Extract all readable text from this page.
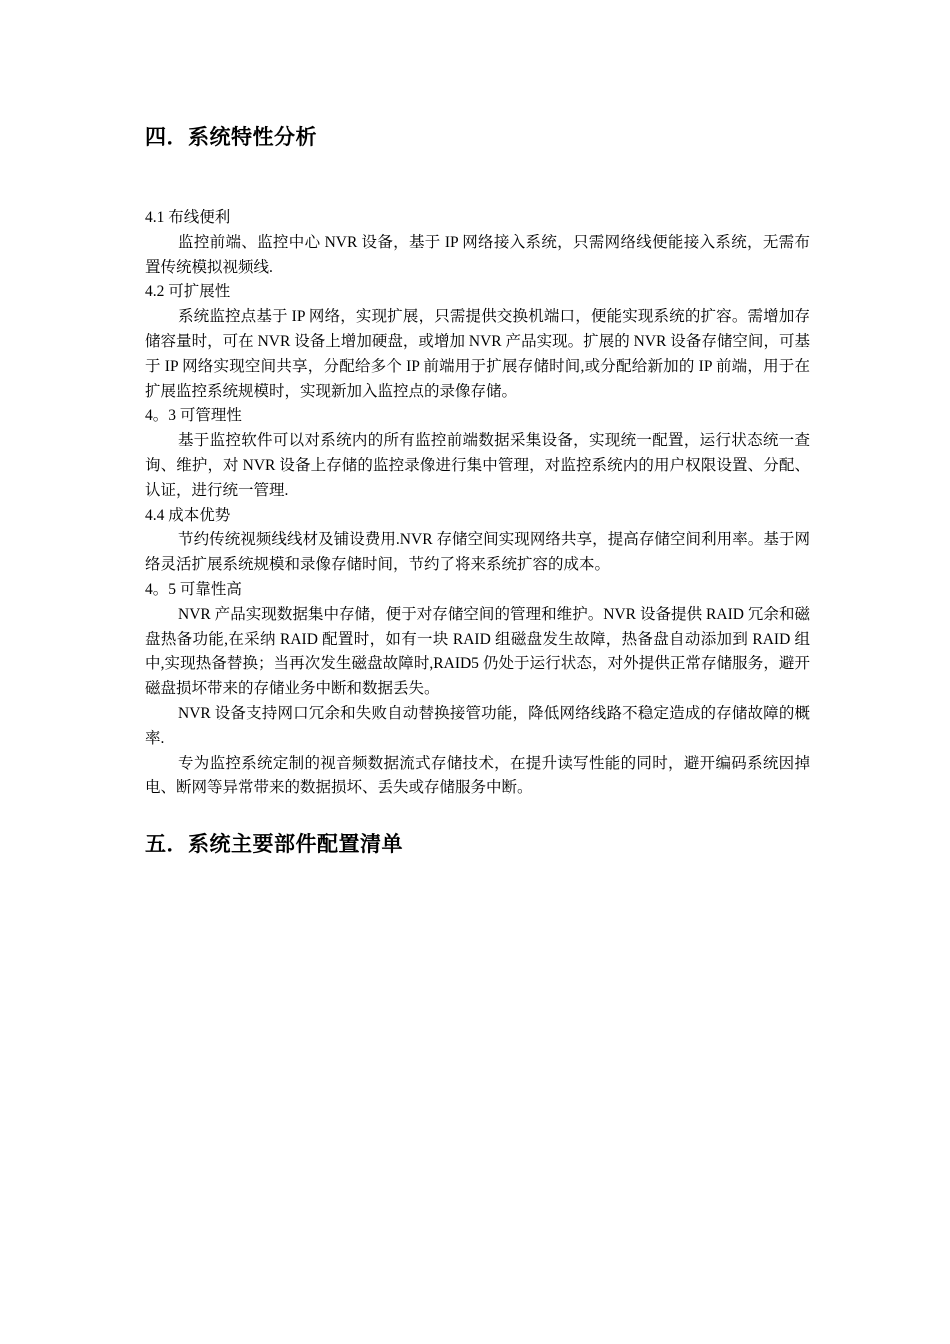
四．系统特性分析

4.1 布线便利

监控前端、监控中心 NVR 设备，基于 IP 网络接入系统，只需网络线便能接入系统，无需布置传统模拟视频线.

4.2 可扩展性

系统监控点基于 IP 网络，实现扩展，只需提供交换机端口，便能实现系统的扩容。需增加存储容量时，可在 NVR 设备上增加硬盘，或增加 NVR 产品实现。扩展的 NVR 设备存储空间，可基于 IP 网络实现空间共享，分配给多个 IP 前端用于扩展存储时间,或分配给新加的 IP 前端，用于在扩展监控系统规模时，实现新加入监控点的录像存储。

4。3 可管理性

基于监控软件可以对系统内的所有监控前端数据采集设备，实现统一配置，运行状态统一查询、维护，对 NVR 设备上存储的监控录像进行集中管理，对监控系统内的用户权限设置、分配、认证，进行统一管理.

4.4 成本优势

节约传统视频线线材及铺设费用.NVR 存储空间实现网络共享，提高存储空间利用率。基于网络灵活扩展系统规模和录像存储时间，节约了将来系统扩容的成本。

4。5 可靠性高

NVR 产品实现数据集中存储，便于对存储空间的管理和维护。NVR 设备提供 RAID 冗余和磁盘热备功能,在采纳 RAID 配置时，如有一块 RAID 组磁盘发生故障，热备盘自动添加到 RAID 组中,实现热备替换；当再次发生磁盘故障时,RAID5 仍处于运行状态，对外提供正常存储服务，避开磁盘损坏带来的存储业务中断和数据丢失。

NVR 设备支持网口冗余和失败自动替换接管功能，降低网络线路不稳定造成的存储故障的概率.

专为监控系统定制的视音频数据流式存储技术，在提升读写性能的同时，避开编码系统因掉电、断网等异常带来的数据损坏、丢失或存储服务中断。

五．系统主要部件配置清单
